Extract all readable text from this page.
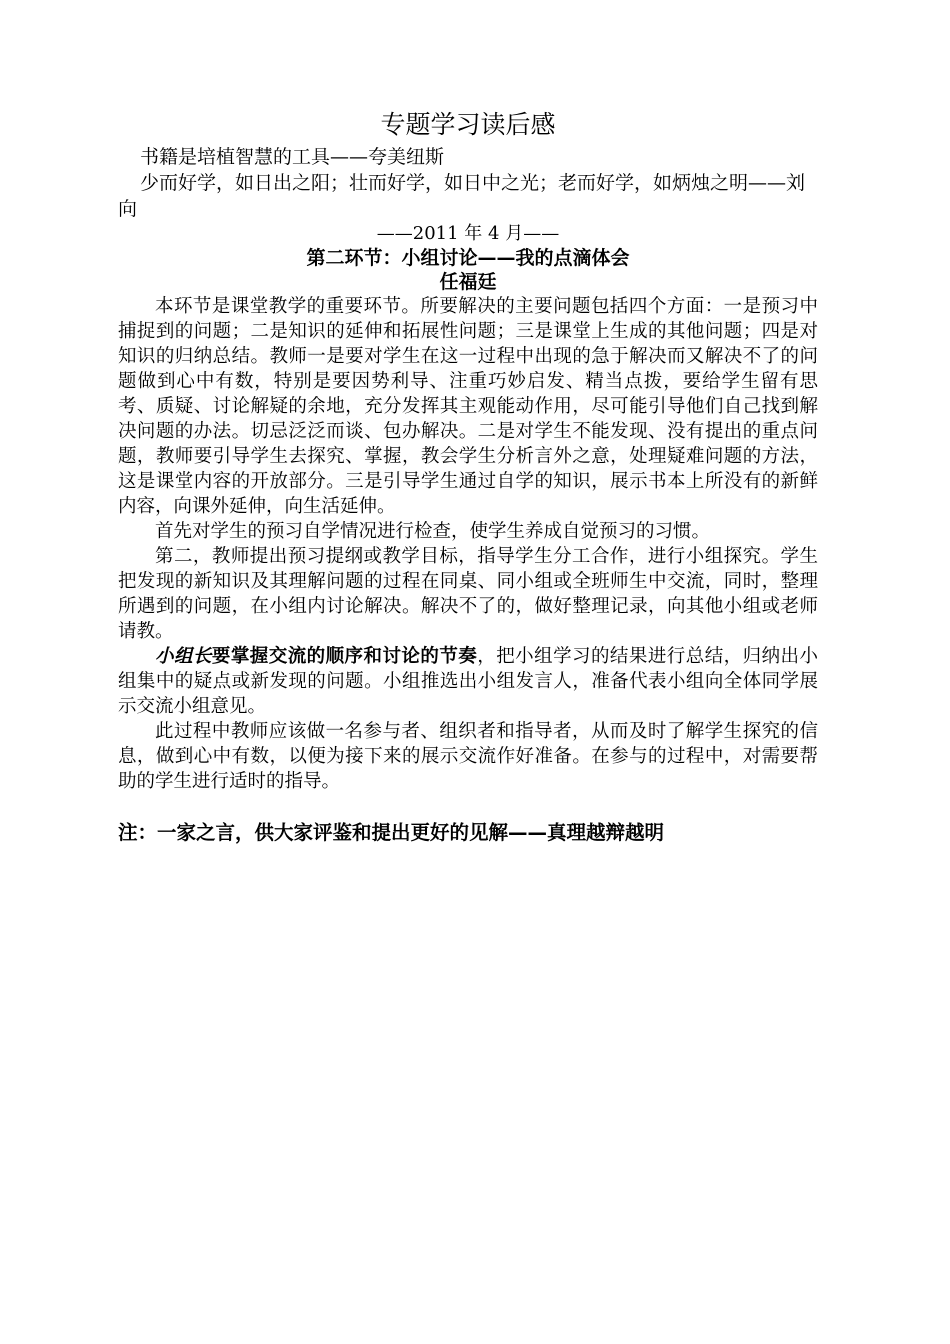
专题学习读后感

书籍是培植智慧的工具——夸美纽斯

少而好学，如日出之阳；壮而好学，如日中之光；老而好学，如炳烛之明——刘向

——2011 年 4 月——

第二环节：小组讨论——我的点滴体会

任福廷

本环节是课堂教学的重要环节。所要解决的主要问题包括四个方面：一是预习中捕捉到的问题；二是知识的延伸和拓展性问题；三是课堂上生成的其他问题；四是对知识的归纳总结。教师一是要对学生在这一过程中出现的急于解决而又解决不了的问题做到心中有数，特别是要因势利导、注重巧妙启发、精当点拨，要给学生留有思考、质疑、讨论解疑的余地，充分发挥其主观能动作用，尽可能引导他们自己找到解决问题的办法。切忌泛泛而谈、包办解决。二是对学生不能发现、没有提出的重点问题，教师要引导学生去探究、掌握，教会学生分析言外之意，处理疑难问题的方法，这是课堂内容的开放部分。三是引导学生通过自学的知识，展示书本上所没有的新鲜内容，向课外延伸，向生活延伸。

首先对学生的预习自学情况进行检查，使学生养成自觉预习的习惯。

第二，教师提出预习提纲或教学目标，指导学生分工合作，进行小组探究。学生把发现的新知识及其理解问题的过程在同桌、同小组或全班师生中交流，同时，整理所遇到的问题，在小组内讨论解决。解决不了的，做好整理记录，向其他小组或老师请教。

小组长要掌握交流的顺序和讨论的节奏，把小组学习的结果进行总结，归纳出小组集中的疑点或新发现的问题。小组推选出小组发言人，准备代表小组向全体同学展示交流小组意见。

此过程中教师应该做一名参与者、组织者和指导者，从而及时了解学生探究的信息，做到心中有数，以便为接下来的展示交流作好准备。在参与的过程中，对需要帮助的学生进行适时的指导。

注：一家之言，供大家评鉴和提出更好的见解——真理越辩越明
